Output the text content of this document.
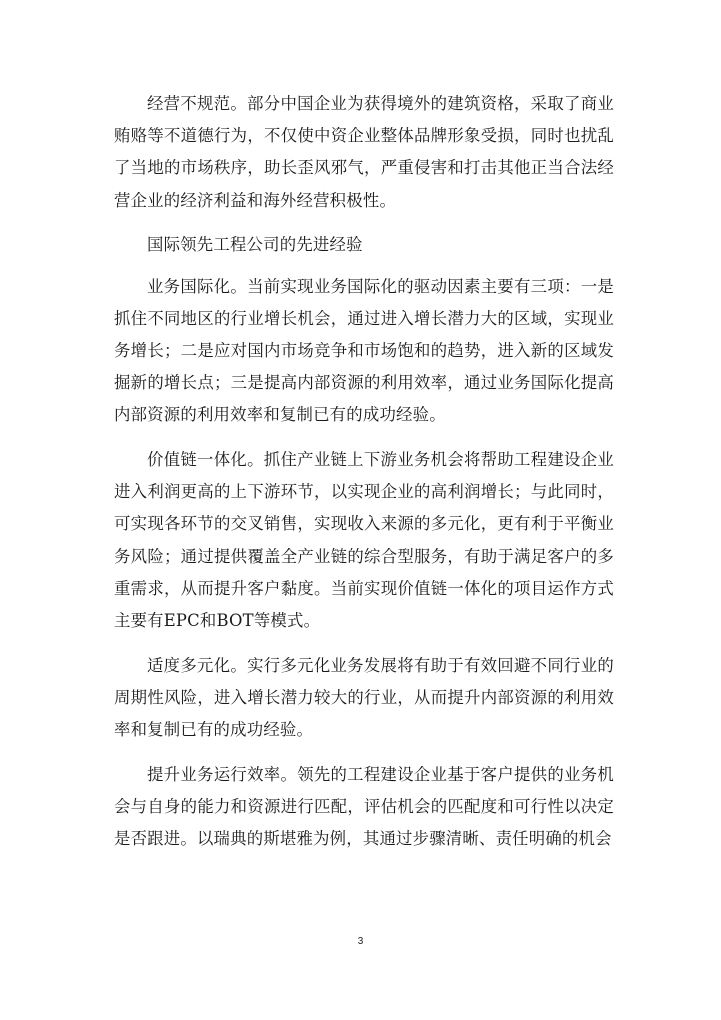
经营不规范。部分中国企业为获得境外的建筑资格，采取了商业贿赂等不道德行为，不仅使中资企业整体品牌形象受损，同时也扰乱了当地的市场秩序，助长歪风邪气，严重侵害和打击其他正当合法经营企业的经济利益和海外经营积极性。

国际领先工程公司的先进经验

业务国际化。当前实现业务国际化的驱动因素主要有三项：一是抓住不同地区的行业增长机会，通过进入增长潜力大的区域，实现业务增长；二是应对国内市场竞争和市场饱和的趋势，进入新的区域发掘新的增长点；三是提高内部资源的利用效率，通过业务国际化提高内部资源的利用效率和复制已有的成功经验。

价值链一体化。抓住产业链上下游业务机会将帮助工程建设企业进入利润更高的上下游环节，以实现企业的高利润增长；与此同时，可实现各环节的交叉销售，实现收入来源的多元化，更有利于平衡业务风险；通过提供覆盖全产业链的综合型服务，有助于满足客户的多重需求，从而提升客户黏度。当前实现价值链一体化的项目运作方式主要有EPC和BOT等模式。

适度多元化。实行多元化业务发展将有助于有效回避不同行业的周期性风险，进入增长潜力较大的行业，从而提升内部资源的利用效率和复制已有的成功经验。

提升业务运行效率。领先的工程建设企业基于客户提供的业务机会与自身的能力和资源进行匹配，评估机会的匹配度和可行性以决定是否跟进。以瑞典的斯堪雅为例，其通过步骤清晰、责任明确的机会

3
